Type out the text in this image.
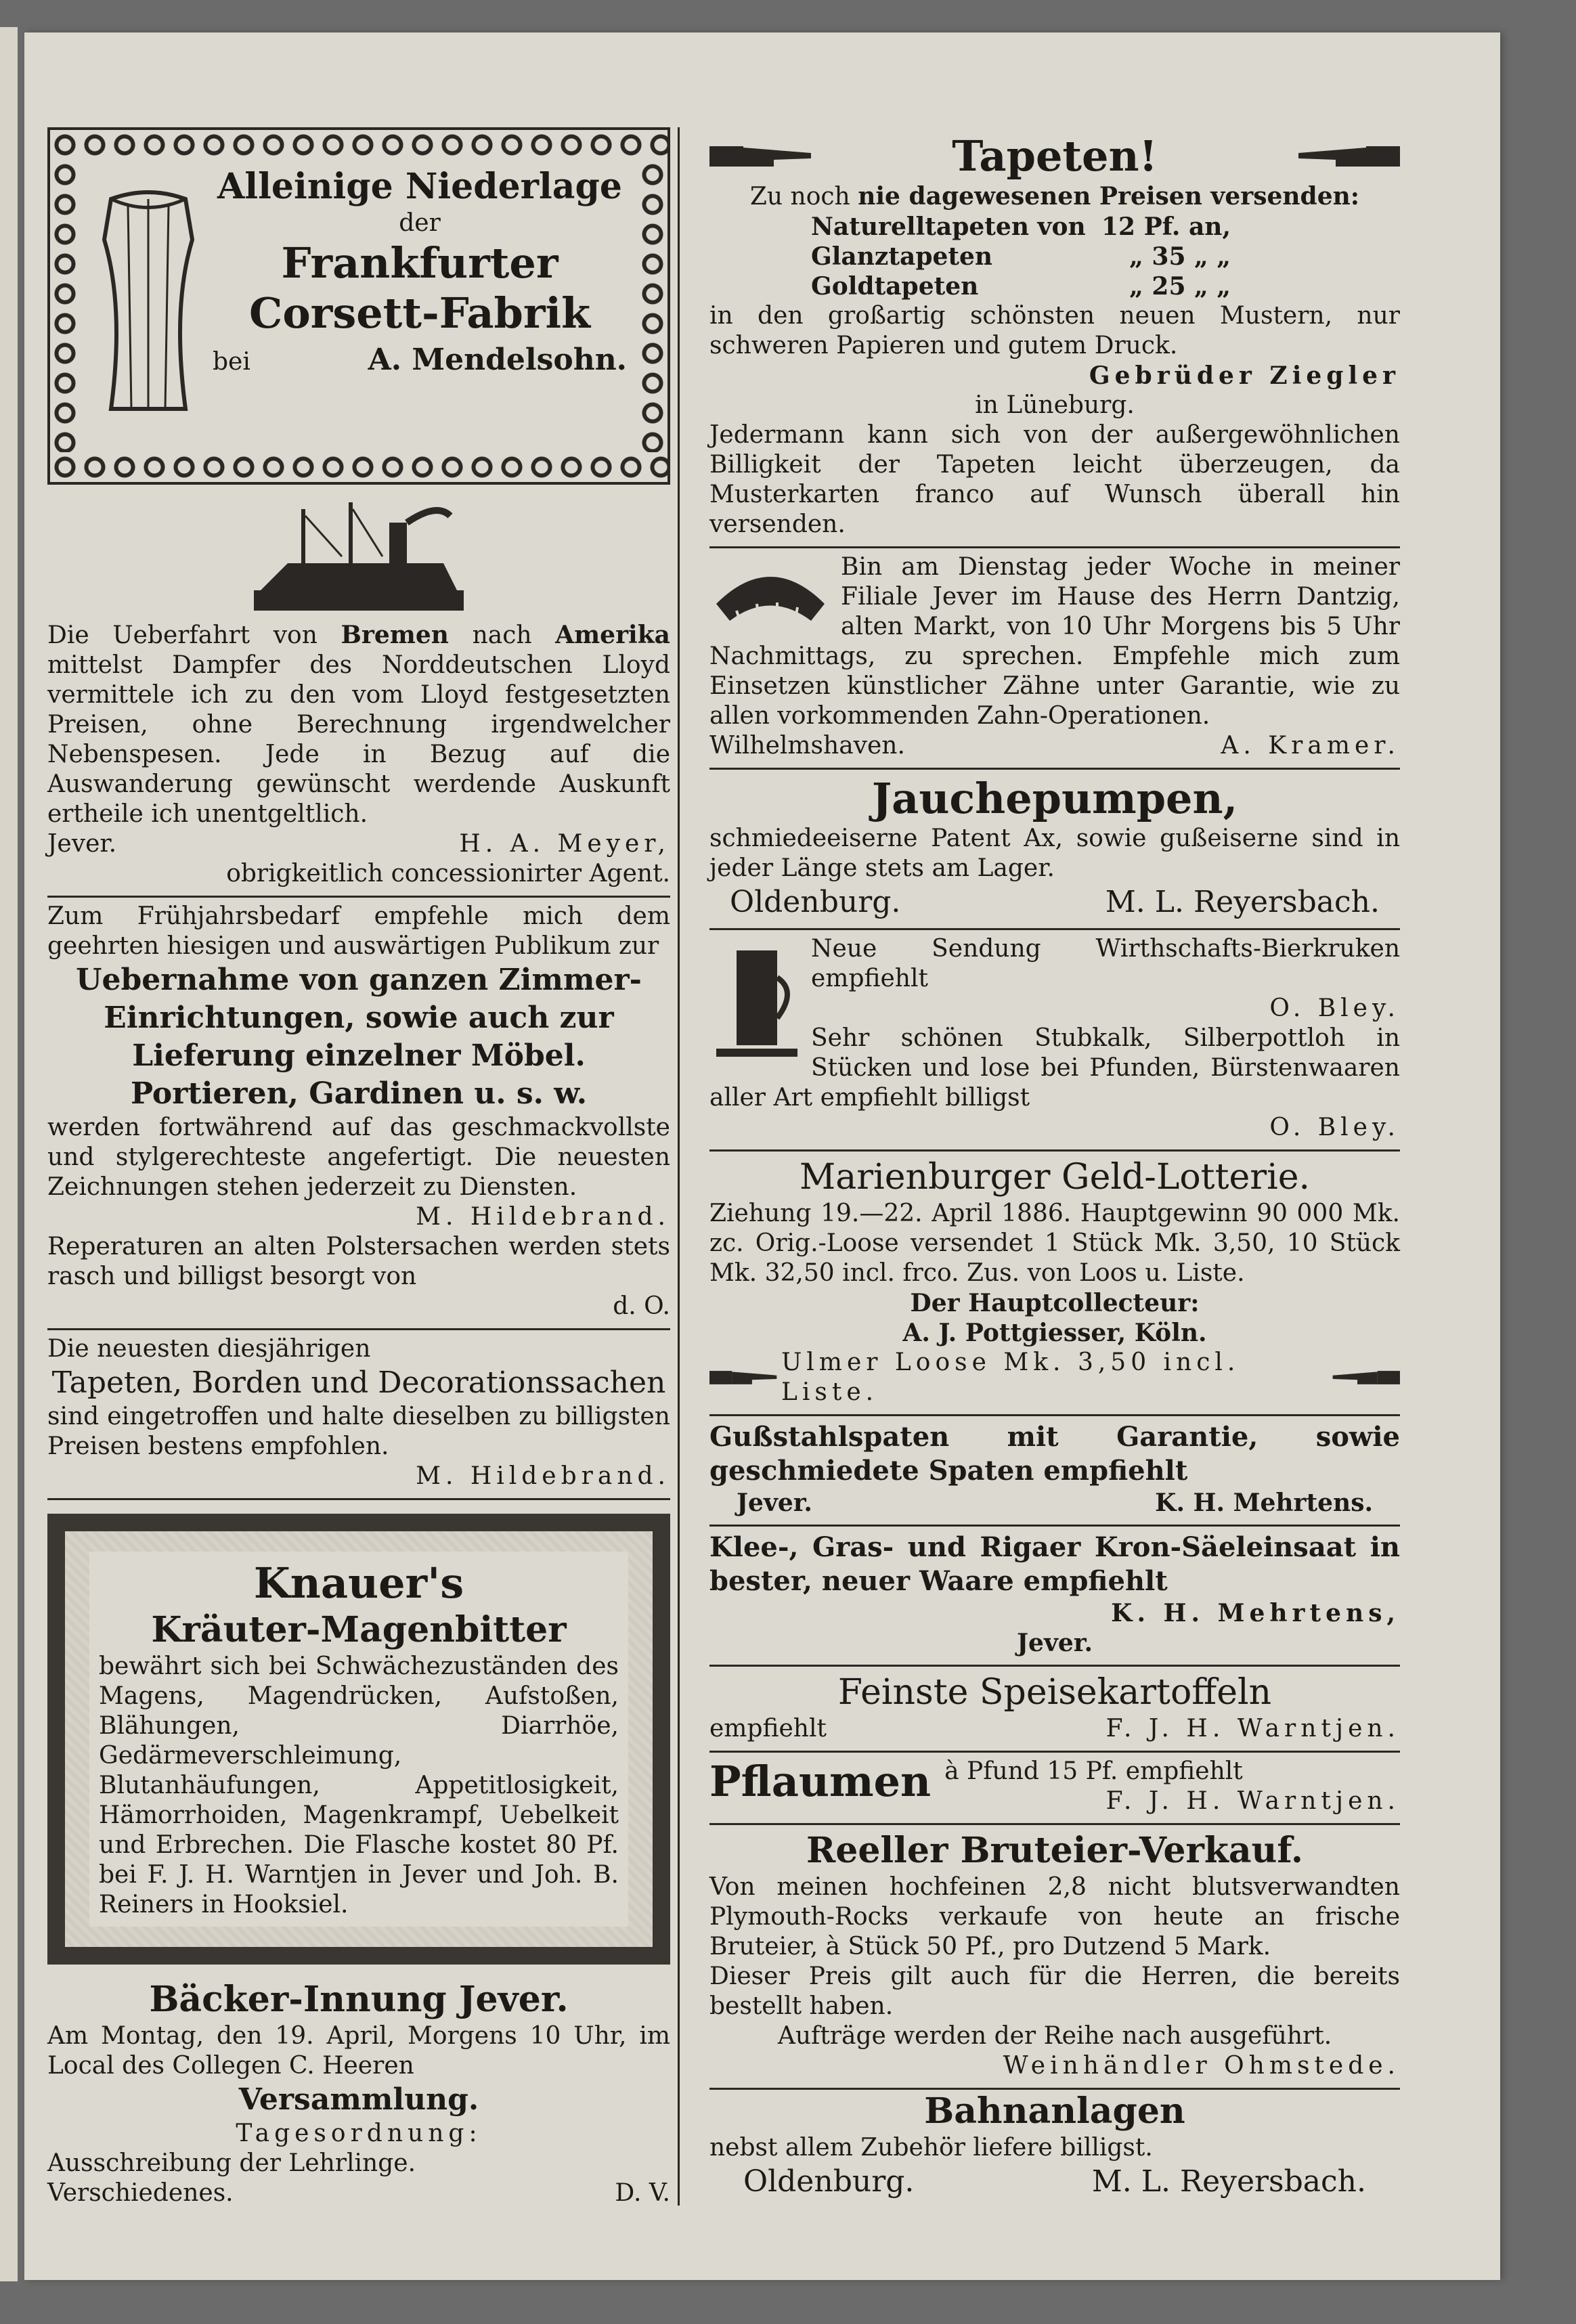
Alleinige Niederlage
der
Frankfurter
Corsett-Fabrik
bei	A. Mendelsohn.
Die Ueberfahrt von Bremen nach Amerika mittelst Dampfer des Norddeutschen Lloyd vermittele ich zu den vom Lloyd festgesetzten Preisen, ohne Berechnung irgendwelcher Nebenspesen. Jede in Bezug auf die Auswanderung gewünscht werdende Auskunft ertheile ich unentgeltlich.
Jever.	H. A. Meyer,
obrigkeitlich concessionirter Agent.
Zum Frühjahrsbedarf empfehle mich dem geehrten hiesigen und auswärtigen Publikum zur
Uebernahme von ganzen Zimmer-Einrichtungen, sowie auch zur Lieferung einzelner Möbel.
Portieren, Gardinen u. s. w.
werden fortwährend auf das geschmackvollste und stylgerechteste angefertigt. Die neuesten Zeichnungen stehen jederzeit zu Diensten.
M. Hildebrand.
Reperaturen an alten Polstersachen werden stets rasch und billigst besorgt von
d. O.
Die neuesten diesjährigen
Tapeten, Borden und Decorationssachen
sind eingetroffen und halte dieselben zu billigsten Preisen bestens empfohlen.
M. Hildebrand.
Knauer's
Kräuter-Magenbitter
bewährt sich bei Schwächezuständen des Magens, Magendrücken, Aufstoßen, Blähungen, Diarrhöe, Gedärmeverschleimung, Blutanhäufungen, Appetitlosigkeit, Hämorrhoiden, Magenkrampf, Uebelkeit und Erbrechen. Die Flasche kostet 80 Pf. bei F. J. H. Warntjen in Jever und Joh. B. Reiners in Hooksiel.
Bäcker-Innung Jever.
Am Montag, den 19. April, Morgens 10 Uhr, im Local des Collegen C. Heeren
Versammlung.
Tagesordnung:
Ausschreibung der Lehrlinge.
Verschiedenes.	D. V.
Tapeten!
Zu noch nie dagewesenen Preisen versenden:
Naturelltapeten von 12 Pf. an,
Glanztapeten	„ 35 „ „
Goldtapeten	„ 25 „ „
in den großartig schönsten neuen Mustern, nur schweren Papieren und gutem Druck.
Gebrüder Ziegler
in Lüneburg.
Jedermann kann sich von der außergewöhnlichen Billigkeit der Tapeten leicht überzeugen, da Musterkarten franco auf Wunsch überall hin versenden.
Bin am Dienstag jeder Woche in meiner Filiale Jever im Hause des Herrn Dantzig, alten Markt, von 10 Uhr Morgens bis 5 Uhr Nachmittags, zu sprechen. Empfehle mich zum Einsetzen künstlicher Zähne unter Garantie, wie zu allen vorkommenden Zahn-Operationen.
Wilhelmshaven.	A. Kramer.
Jauchepumpen,
schmiedeeiserne Patent Ax, sowie gußeiserne sind in jeder Länge stets am Lager.
Oldenburg.	M. L. Reyersbach.
Neue Sendung Wirthschafts-Bierkruken empfiehlt
O. Bley.
Sehr schönen Stubkalk, Silberpottloh in Stücken und lose bei Pfunden, Bürstenwaaren aller Art empfiehlt billigst
O. Bley.
Marienburger Geld-Lotterie.
Ziehung 19.—22. April 1886. Hauptgewinn 90 000 Mk. zc. Orig.-Loose versendet 1 Stück Mk. 3,50, 10 Stück Mk. 32,50 incl. frco. Zus. von Loos u. Liste.
Der Hauptcollecteur:
A. J. Pottgiesser, Köln.
Ulmer Loose Mk. 3,50 incl. Liste.
Gußstahlspaten mit Garantie, sowie geschmiedete Spaten empfiehlt
Jever.	K. H. Mehrtens.
Klee-, Gras- und Rigaer Kron-Säeleinsaat in bester, neuer Waare empfiehlt
K. H. Mehrtens,
Jever.
Feinste Speisekartoffeln
empfiehlt	F. J. H. Warntjen.
Pflaumen à Pfund 15 Pf. empfiehlt
F. J. H. Warntjen.
Reeller Bruteier-Verkauf.
Von meinen hochfeinen 2,8 nicht blutsverwandten Plymouth-Rocks verkaufe von heute an frische Bruteier, à Stück 50 Pf., pro Dutzend 5 Mark.
Dieser Preis gilt auch für die Herren, die bereits bestellt haben.
Aufträge werden der Reihe nach ausgeführt.
Weinhändler Ohmstede.
Bahnanlagen
nebst allem Zubehör liefere billigst.
Oldenburg.	M. L. Reyersbach.
